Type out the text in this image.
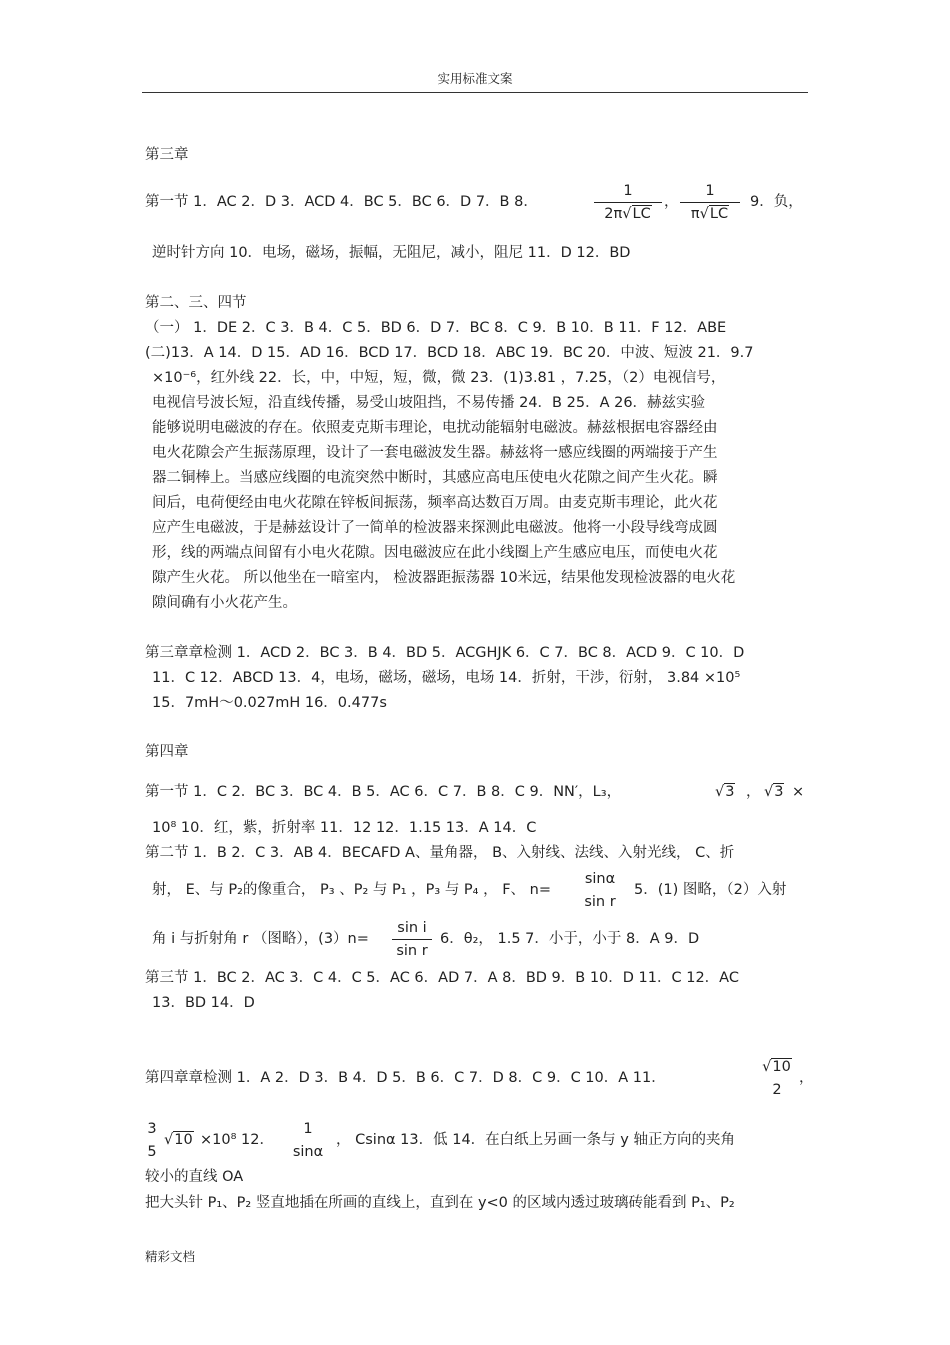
实用标准文案
第三章
第一节 1．AC 2．D 3．ACD 4．BC 5．BC 6．D 7．B 8．
1
2π√LC
，
1
π√LC
9．负，
逆时针方向 10．电场，磁场，振幅，无阻尼，减小，阻尼 11．D 12．BD
第二、三、四节
（一） 1．DE 2．C 3．B 4．C 5．BD 6．D 7．BC 8．C 9．B 10．B 11．F 12．ABE
(二)13．A 14．D 15．AD 16．BCD 17．BCD 18．ABC 19．BC 20．中波、短波 21．9.7
×10⁻⁶，红外线 22．长，中，中短，短，微，微 23．(1)3.81 ，7.25，（2）电视信号，
电视信号波长短，沿直线传播，易受山坡阻挡，不易传播 24．B 25．A 26．赫兹实验
能够说明电磁波的存在。依照麦克斯韦理论，电扰动能辐射电磁波。赫兹根据电容器经由
电火花隙会产生振荡原理，设计了一套电磁波发生器。赫兹将一感应线圈的两端接于产生
器二铜棒上。当感应线圈的电流突然中断时，其感应高电压使电火花隙之间产生火花。瞬
间后，电荷便经由电火花隙在锌板间振荡，频率高达数百万周。由麦克斯韦理论，此火花
应产生电磁波，于是赫兹设计了一简单的检波器来探测此电磁波。他将一小段导线弯成圆
形，线的两端点间留有小电火花隙。因电磁波应在此小线圈上产生感应电压，而使电火花
隙产生火花。 所以他坐在一暗室内， 检波器距振荡器 10米远，结果他发现检波器的电火花
隙间确有小火花产生。
第三章章检测 1．ACD 2．BC 3．B 4．BD 5．ACGHJK 6．C 7．BC 8．ACD 9．C 10．D
11．C 12．ABCD 13．4，电场，磁场，磁场，电场 14．折射，干涉，衍射， 3.84 ×10⁵
15．7mH～0.027mH 16．0.477s
第四章
第一节 1．C 2．BC 3．BC 4．B 5．AC 6．C 7．B 8．C 9．NN′，L₃，	√3 ， √3 ×
10⁸ 10．红，紫，折射率 11．12 12．1.15 13．A 14．C
第二节 1．B 2．C 3．AB 4．BECAFD A、量角器， B、入射线、法线、入射光线， C、折
射， E、与 P₂的像重合， P₃ 、P₂ 与 P₁ ，P₃ 与 P₄ ， F、 n=
sinα
sin r
5．(1) 图略，（2）入射
角 i 与折射角 r （图略），(3）n=
sin i
sin r
6．θ₂， 1.5 7．小于，小于 8．A 9．D
第三节 1．BC 2．AC 3．C 4．C 5．AC 6．AD 7．A 8．BD 9．B 10．D 11．C 12．AC
13．BD 14．D
第四章章检测 1．A 2．D 3．B 4．D 5．B 6．C 7．D 8．C 9．C 10．A 11．
√10
2
，
3
5
√10 ×10⁸ 12．
1
sinα
， Csinα 13．低 14．在白纸上另画一条与 y 轴正方向的夹角
较小的直线 OA
把大头针 P₁、P₂ 竖直地插在所画的直线上，直到在 y<0 的区域内透过玻璃砖能看到 P₁、P₂
精彩文档
